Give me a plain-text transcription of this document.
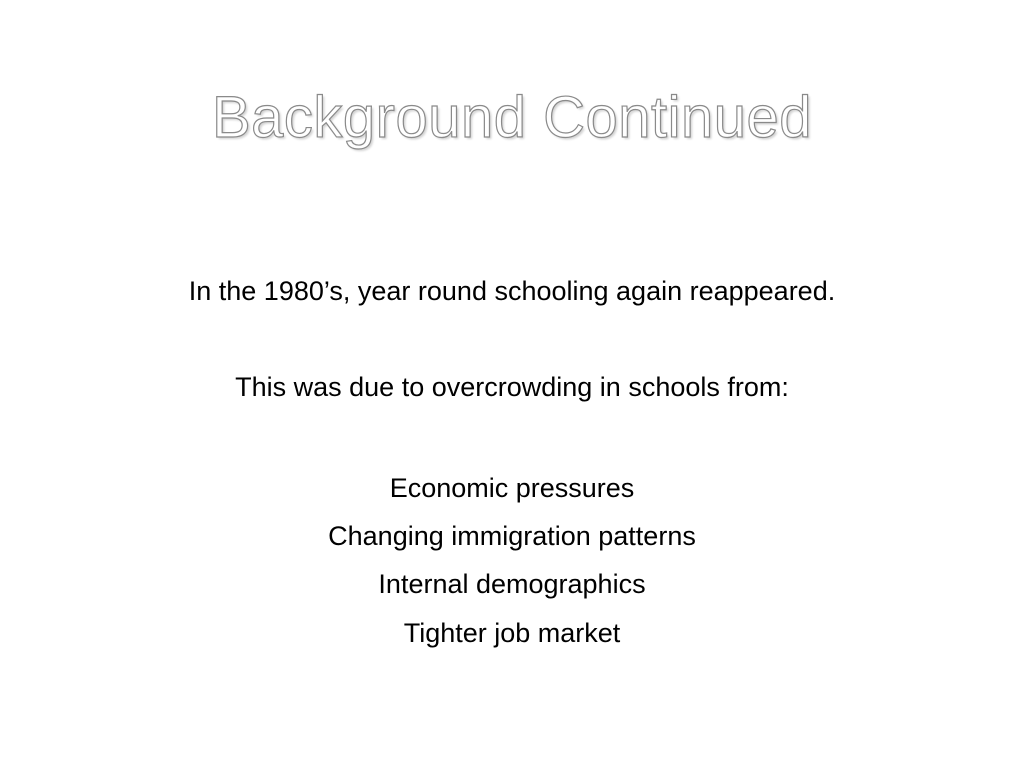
Background Continued
In the 1980’s, year round schooling again reappeared.
This was due to overcrowding in schools from:
Economic pressures
Changing immigration patterns
Internal demographics
Tighter job market
